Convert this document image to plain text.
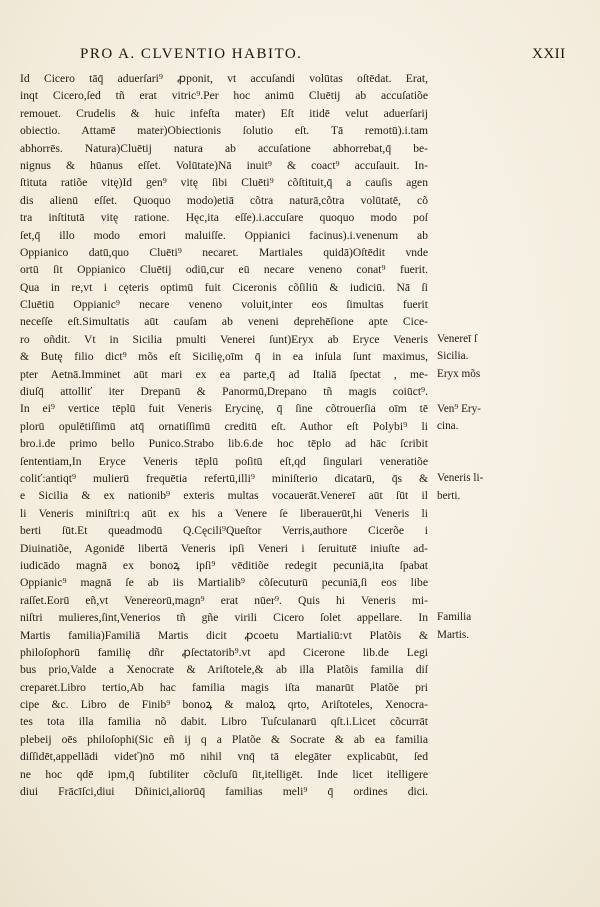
PRO A. CLVENTIO HABITO.	XXII
Id Cicero tāq̄ aduerſari⁹ ꝓponit, vt accuſandi volūtas oſtēdat. Erat,
inqt Cicero,ſed tñ erat vitric⁹.Per hoc animū Cluētij ab accuſatiõe
remouet. Crudelis & huic infeſta mater) Eſt itidē velut aduerſarij
obiectio. Attamē mater)Obiectionis ſolutio eſt. Tā remotū).i.tam
abhorrēs. Natura)Cluētij natura ab accuſatione abhorrebat,q̄ be-
nignus & hūanus eſſet. Volūtate)Nā inuit⁹ & coact⁹ accuſauit. In-
ſtituta ratiõe vitę)Id gen⁹ vitę ſibi Cluēti⁹ cõſtituit,q̄ a cauſis agen
dis alienū eſſet. Quoquo modo)etiā cõtra naturā,cõtra volūtatē, cõ
tra inſtitutā vitę ratione. Hęc,ita eſſe).i.accuſare quoquo modo poſ
ſet,q̄ illo modo emori maluiſſe. Oppianici facinus).i.venenum ab
Oppianico datū,quo Cluēti⁹ necaret. Martiales quidā)Oſtēdit vnde
ortū ſit Oppianico Cluētij odiū,cur eū necare veneno conat⁹ fuerit.
Qua in re,vt i cęteris optimū fuit Ciceronis cõſiliū & iudiciū. Nā ſi
Cluētiū Oppianic⁹ necare veneno voluit,inter eos ſimultas fuerit
neceſſe eſt.Simultatis aūt cauſam ab veneni deprehēſione apte Cice-
ro oñdit. Vt in Sicilia pmulti Venerei ſunt)Eryx ab Eryce Veneris
& Butę filio dict⁹ mõs eſt Sicilię,oīm q̄ in ea inſula ſunt maximus,
pter Aetnā.Imminet aūt mari ex ea parte,q̄ ad Italiā ſpectat , me-
diuſq̄ attolliť iter Drepanū & Panormū,Drepano tñ magis coiūct⁹.
In ei⁹ vertice tēplū fuit Veneris Erycinę, q̄ ſine cõtrouerſia oīm tē
plorū opulētiſſimū atq̄ ornatiſſimū creditū eſt. Author eſt Polybi⁹ li
bro.i.de primo bello Punico.Strabo lib.6.de hoc tēplo ad hāc ſcribit
ſententiam,In Eryce Veneris tēplū poſitū eſt,qd ſingulari veneratiõe
coliť:antiqt⁹ mulierū frequētia refertū,illi⁹ miniſterio dicatarū, q̄s &
e Sicilia & ex nationib⁹ exteris multas vocauerāt.Venereī aūt ſūt il
li Veneris miniſtri:q aūt ex his a Venere ſe liberauerūt,hi Veneris li
berti ſūt.Et queadmodū Q.Cęcili⁹Queſtor Verris,authore Cicerõe i
Diuinatiõe, Agonidē libertā Veneris ipſi Veneri i ſeruitutē iniuſte ad-
iudicādo magnā ex bonoꝝ ipſi⁹ vēditiõe redegit pecuniā,ita ſpabat
Oppianic⁹ magnā ſe ab iis Martialib⁹ cõſecuturū pecuniā,ſi eos libe
raſſet.Eorū eñ,vt Venereorū,magn⁹ erat nūer⁹. Quis hi Veneris mi-
niſtri mulieres,ſint,Venerios tñ gñe virili Cicero ſolet appellare. In
Martis familia)Familiā Martis dicit ꝓcoetu Martialiū:vt Platõis &
philoſophorū familię dñr ꝓſectatorib⁹.vt apd Cicerone lib.de Legi
bus prio,Valde a Xenocrate & Ariſtotele,& ab illa Platõis familia diſ
creparet.Libro tertio,Ab hac familia magis iſta manarūt Platõe pri
cipe &c. Libro de Finib⁹ bonoꝝ & maloꝝ qrto, Ariſtoteles, Xenocra-
tes tota illa familia nõ dabit. Libro Tuſculanarū qſt.i.Licet cõcurrāt
plebeij oēs philoſophi(Sic eñ ij q a Platõe & Socrate & ab ea familia
diſſidēt,appellādi videť)nō mō nihil vnq̄ tā elegāter explicabūt, ſed
ne hoc qdē ipm,q̄ ſubtiliter cõcluſū ſit,itelligēt. Inde licet itelligere
diui Frācīſci,diui Dñinici,aliorūq̄ familias meli⁹ q̄ ordines dici.
Venereī ſ
Sicilia.
Eryx mõs
Ven⁹ Ery-
cina.
Veneris li-
berti.
Familia
Martis.
